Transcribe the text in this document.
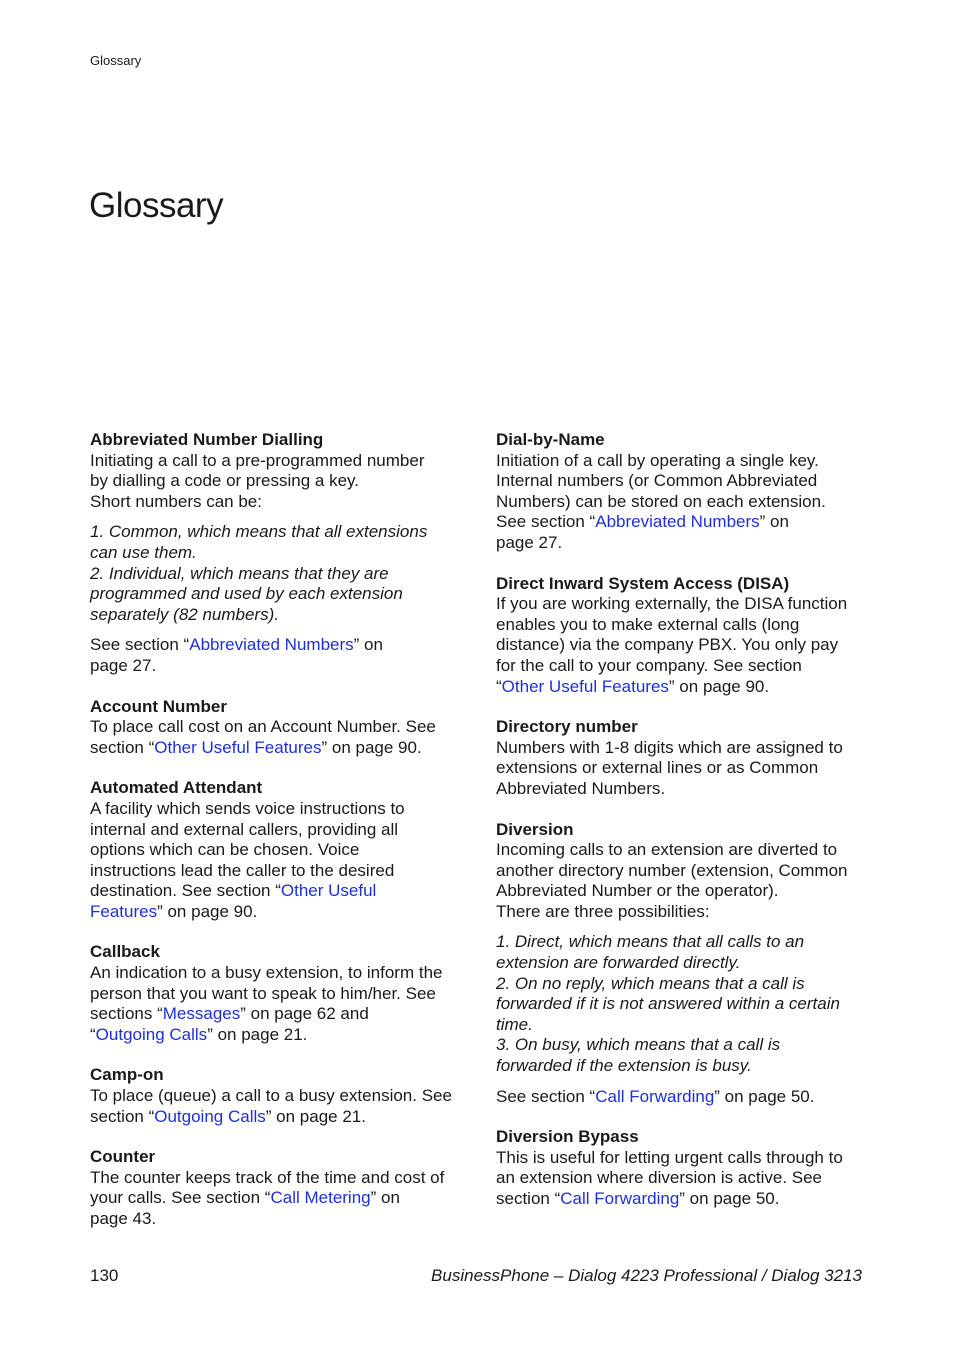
Glossary
Glossary
Abbreviated Number Dialling
Initiating a call to a pre-programmed number
by dialling a code or pressing a key.
Short numbers can be:
1. Common, which means that all extensions
can use them.
2. Individual, which means that they are
programmed and used by each extension
separately (82 numbers).
See section “Abbreviated Numbers” on
page 27.
Account Number
To place call cost on an Account Number. See
section “Other Useful Features” on page 90.
Automated Attendant
A facility which sends voice instructions to
internal and external callers, providing all
options which can be chosen. Voice
instructions lead the caller to the desired
destination. See section “Other Useful
Features” on page 90.
Callback
An indication to a busy extension, to inform the
person that you want to speak to him/her. See
sections “Messages” on page 62 and
“Outgoing Calls” on page 21.
Camp-on
To place (queue) a call to a busy extension. See
section “Outgoing Calls” on page 21.
Counter
The counter keeps track of the time and cost of
your calls. See section “Call Metering” on
page 43.
Dial-by-Name
Initiation of a call by operating a single key.
Internal numbers (or Common Abbreviated
Numbers) can be stored on each extension.
See section “Abbreviated Numbers” on
page 27.
Direct Inward System Access (DISA)
If you are working externally, the DISA function
enables you to make external calls (long
distance) via the company PBX. You only pay
for the call to your company. See section
“Other Useful Features” on page 90.
Directory number
Numbers with 1-8 digits which are assigned to
extensions or external lines or as Common
Abbreviated Numbers.
Diversion
Incoming calls to an extension are diverted to
another directory number (extension, Common
Abbreviated Number or the operator).
There are three possibilities:
1. Direct, which means that all calls to an
extension are forwarded directly.
2. On no reply, which means that a call is
forwarded if it is not answered within a certain
time.
3. On busy, which means that a call is
forwarded if the extension is busy.
See section “Call Forwarding” on page 50.
Diversion Bypass
This is useful for letting urgent calls through to
an extension where diversion is active. See
section “Call Forwarding” on page 50.
130	BusinessPhone – Dialog 4223 Professional / Dialog 3213
